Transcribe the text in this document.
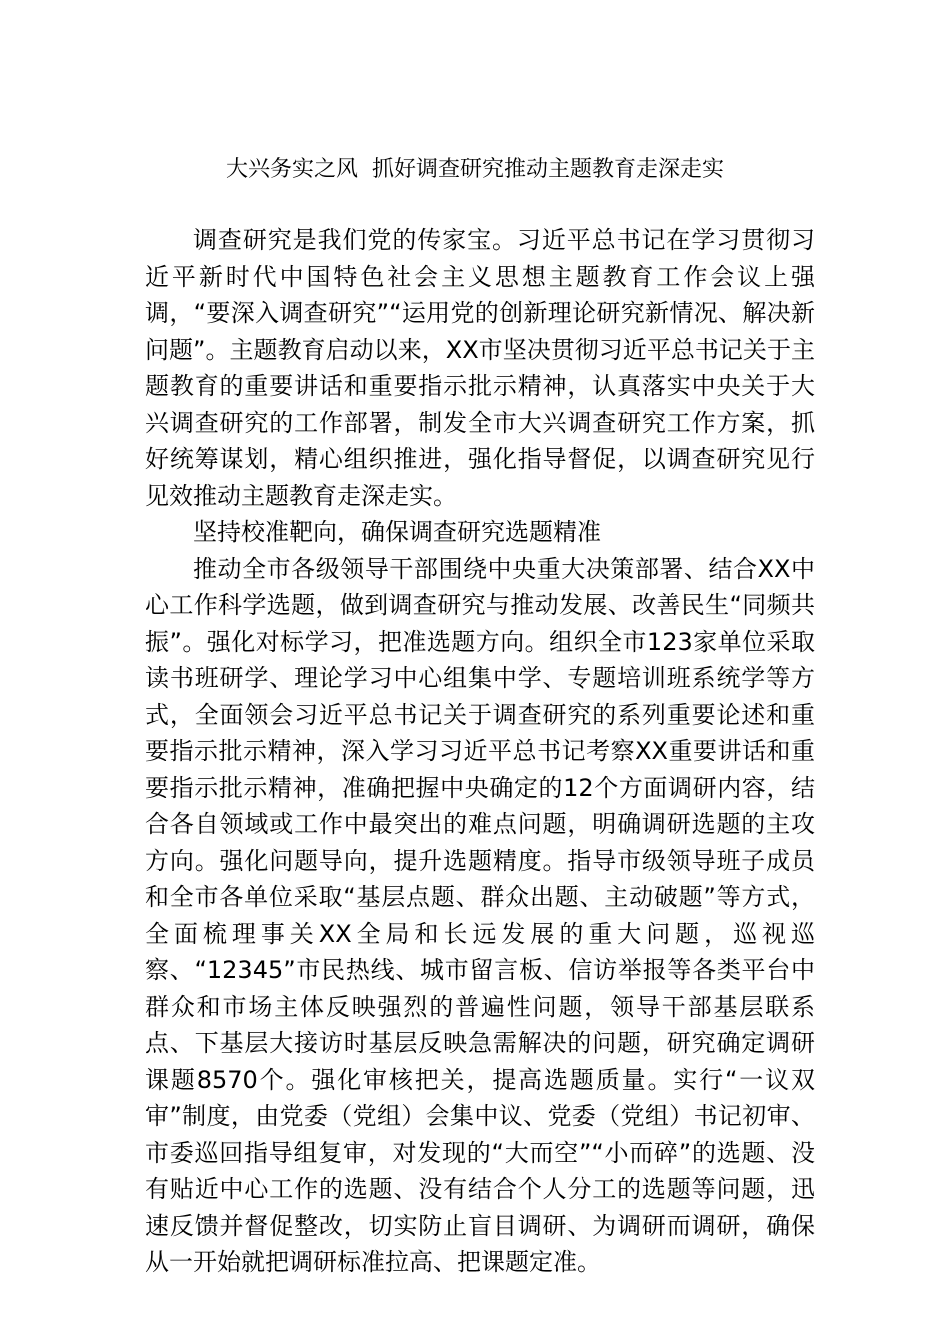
大兴务实之风  抓好调查研究推动主题教育走深走实

调查研究是我们党的传家宝。习近平总书记在学习贯彻习近平新时代中国特色社会主义思想主题教育工作会议上强调，“要深入调查研究”“运用党的创新理论研究新情况、解决新问题”。主题教育启动以来，XX市坚决贯彻习近平总书记关于主题教育的重要讲话和重要指示批示精神，认真落实中央关于大兴调查研究的工作部署，制发全市大兴调查研究工作方案，抓好统筹谋划，精心组织推进，强化指导督促，以调查研究见行见效推动主题教育走深走实。

坚持校准靶向，确保调查研究选题精准

推动全市各级领导干部围绕中央重大决策部署、结合XX中心工作科学选题，做到调查研究与推动发展、改善民生“同频共振”。强化对标学习，把准选题方向。组织全市123家单位采取读书班研学、理论学习中心组集中学、专题培训班系统学等方式，全面领会习近平总书记关于调查研究的系列重要论述和重要指示批示精神，深入学习习近平总书记考察XX重要讲话和重要指示批示精神，准确把握中央确定的12个方面调研内容，结合各自领域或工作中最突出的难点问题，明确调研选题的主攻方向。强化问题导向，提升选题精度。指导市级领导班子成员和全市各单位采取“基层点题、群众出题、主动破题”等方式，全面梳理事关XX全局和长远发展的重大问题，巡视巡察、“12345”市民热线、城市留言板、信访举报等各类平台中群众和市场主体反映强烈的普遍性问题，领导干部基层联系点、下基层大接访时基层反映急需解决的问题，研究确定调研课题8570个。强化审核把关，提高选题质量。实行“一议双审”制度，由党委（党组）会集中议、党委（党组）书记初审、市委巡回指导组复审，对发现的“大而空”“小而碎”的选题、没有贴近中心工作的选题、没有结合个人分工的选题等问题，迅速反馈并督促整改，切实防止盲目调研、为调研而调研，确保从一开始就把调研标准拉高、把课题定准。
